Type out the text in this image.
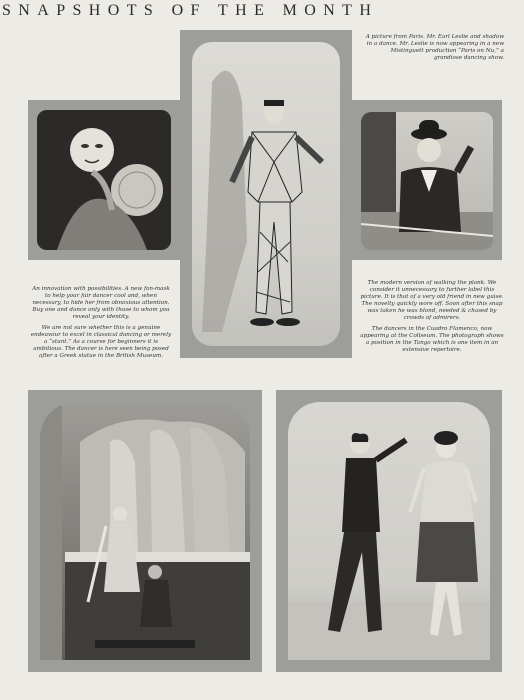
SNAPSHOTS OF THE MONTH

A picture from Paris. Mr. Earl Leslie and shadow in a dance. Mr. Leslie is now appearing in a new Mistinguett production “Paris on Nu,” a grandiose dancing show.

An innovation with possibilities. A new fan-mask to help your fair dancer cool and, when necessary, to hide her from obnoxious attention. Buy one and dance only with those to whom you reveal your identity.

We are not sure whether this is a genuine endeavour to excel in classical dancing or merely a “stunt.” As a course for beginners it is ambitious. The dancer is here seen being posed after a Greek statue in the British Museum.

The modern version of walking the plank. We consider it unnecessary to further label this picture. It is that of a very old friend in new guise. The novelty quickly wore off. Soon after this snap was taken he was blond, needed & chased by crowds of admirers.

The dancers in the Cuadro Flamenco, now appearing at the Coliseum. The photograph shows a position in the Tango which is one item in an extensive repertoire.
